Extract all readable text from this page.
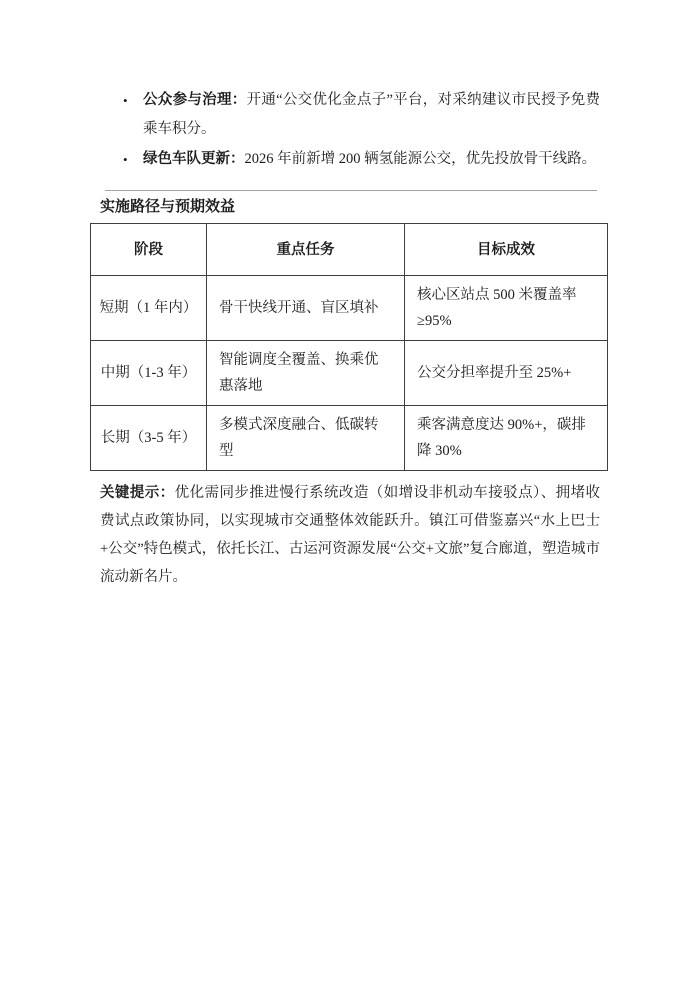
•	公众参与治理：开通“公交优化金点子”平台，对采纳建议市民授予免费乘车积分。
•	绿色车队更新：2026 年前新增 200 辆氢能源公交，优先投放骨干线路。
实施路径与预期效益
阶段	重点任务	目标成效
短期（1 年内）	骨干快线开通、盲区填补	核心区站点 500 米覆盖率≥95%
中期（1-3 年）	智能调度全覆盖、换乘优惠落地	公交分担率提升至 25%+
长期（3-5 年）	多模式深度融合、低碳转型	乘客满意度达 90%+，碳排降 30%

关键提示：优化需同步推进慢行系统改造（如增设非机动车接驳点）、拥堵收费试点政策协同，以实现城市交通整体效能跃升。镇江可借鉴嘉兴“水上巴士+公交”特色模式，依托长江、古运河资源发展“公交+文旅”复合廊道，塑造城市流动新名片。
